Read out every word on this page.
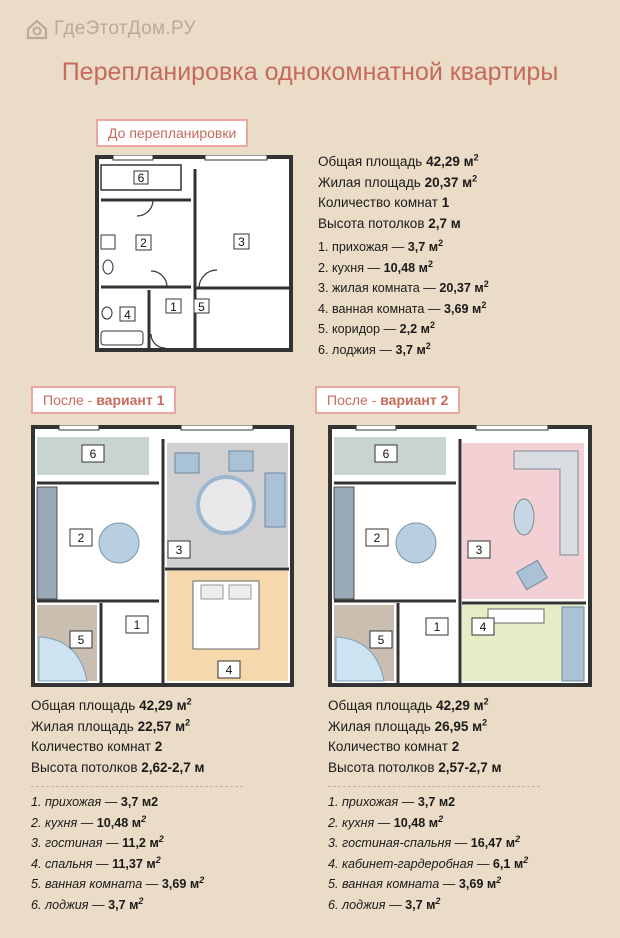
ГдеЭтотДом.РУ
Перепланировка однокомнатной квартиры
До перепланировки
6
2	3
4
1 5
Общая площадь 42,29 $м^2$
Жилая площадь 20,37 $м^2$
Количество комнат 1
Высота потолков 2,7 м
1. прихожая — 3,7 $м^2$
2. кухня — 10,48 $м^2$
3. жилая комната — 20,37 $м^2$
4. ванная комната — 3,69 $м^2$
5. коридор — 2,2 $м^2$
6. лоджия — 3,7 $м^2$
После - вариант 1
6
2
3
1
5
4
Общая площадь 42,29 $м^2$
Жилая площадь 22,57 $м^2$
Количество комнат 2
Высота потолков 2,62-2,7 м
1. прихожая — 3,7 м2
2. кухня — 10,48 $м^2$
3. гостиная — 11,2 $м^2$
4. спальня — 11,37 $м^2$
5. ванная комната — 3,69 $м^2$
6. лоджия — 3,7 $м^2$
После - вариант 2
6
2
3
1
5
4
Общая площадь 42,29 $м^2$
Жилая площадь 26,95 $м^2$
Количество комнат 2
Высота потолков 2,57-2,7 м
1. прихожая — 3,7 м2
2. кухня — 10,48 $м^2$
3. гостиная-спальня — 16,47 $м^2$
4. кабинет-гардеробная — 6,1 $м^2$
5. ванная комната — 3,69 $м^2$
6. лоджия — 3,7 $м^2$
